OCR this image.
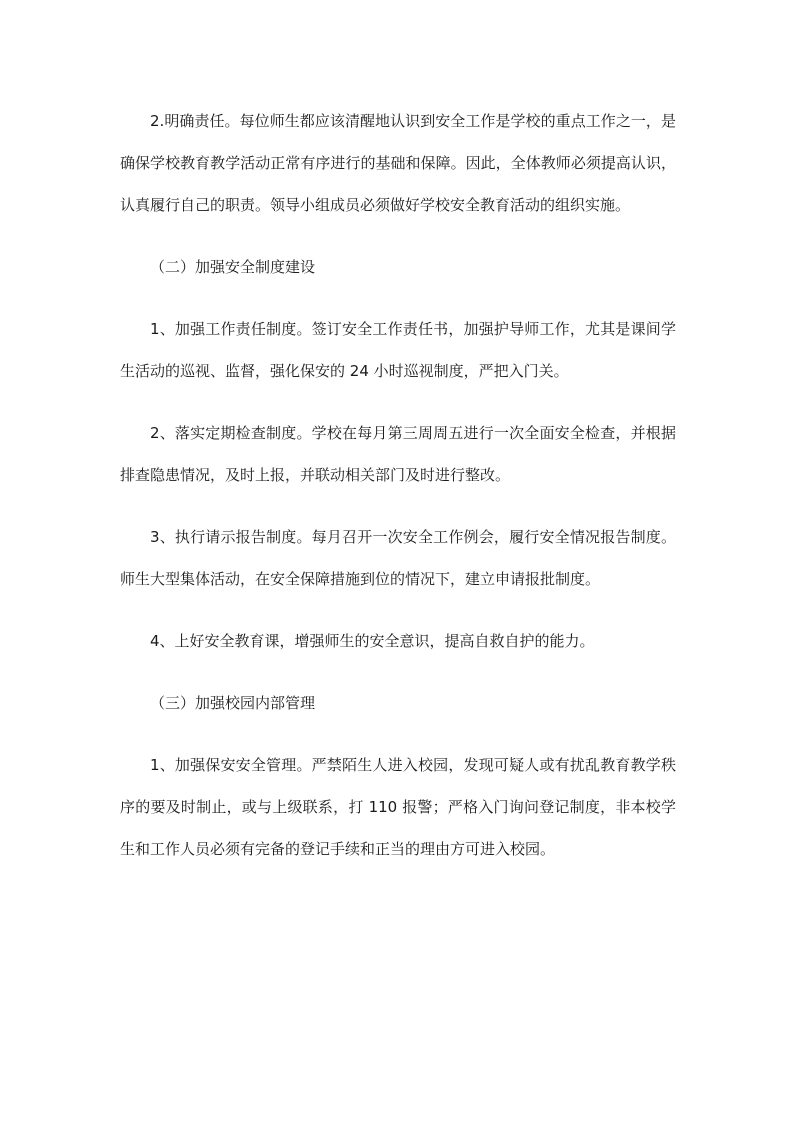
2.明确责任。每位师生都应该清醒地认识到安全工作是学校的重点工作之一，是确保学校教育教学活动正常有序进行的基础和保障。因此，全体教师必须提高认识，认真履行自己的职责。领导小组成员必须做好学校安全教育活动的组织实施。

（二）加强安全制度建设

1、加强工作责任制度。签订安全工作责任书，加强护导师工作，尤其是课间学生活动的巡视、监督，强化保安的 24 小时巡视制度，严把入门关。

2、落实定期检查制度。学校在每月第三周周五进行一次全面安全检查，并根据排查隐患情况，及时上报，并联动相关部门及时进行整改。

3、执行请示报告制度。每月召开一次安全工作例会，履行安全情况报告制度。师生大型集体活动，在安全保障措施到位的情况下，建立申请报批制度。

4、上好安全教育课，增强师生的安全意识，提高自救自护的能力。

（三）加强校园内部管理

1、加强保安安全管理。严禁陌生人进入校园，发现可疑人或有扰乱教育教学秩序的要及时制止，或与上级联系，打 110 报警；严格入门询问登记制度，非本校学生和工作人员必须有完备的登记手续和正当的理由方可进入校园。
